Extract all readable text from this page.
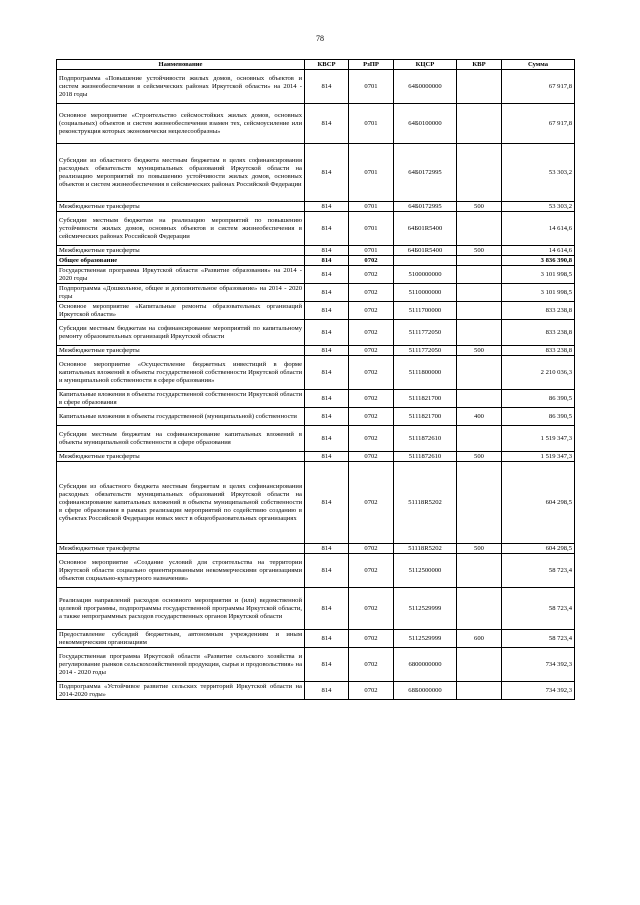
78
Наименование	КВСР	РзПР	КЦСР	КВР	Сумма
Подпрограмма «Повышение устойчивости жилых домов, основных объектов и систем жизнеобеспечения в сейсмических районах Иркутской области» на 2014 - 2018 годы	814	0701	64Б0000000		67 917,8
Основное мероприятие «Строительство сейсмостойких жилых домов, основных (социальных) объектов и систем жизнеобеспечения взамен тех, сейсмоусиление или реконструкция которых экономически нецелесообразны»	814	0701	64Б0100000		67 917,8
Субсидии из областного бюджета местным бюджетам в целях софинансирования расходных обязательств муниципальных образований Иркутской области на реализацию мероприятий по повышению устойчивости жилых домов, основных объектов и систем жизнеобеспечения в сейсмических районах Российской Федерации	814	0701	64Б0172995		53 303,2
Межбюджетные трансферты	814	0701	64Б0172995	500	53 303,2
Субсидии местным бюджетам на реализацию мероприятий по повышению устойчивости жилых домов, основных объектов и систем жизнеобеспечения в сейсмических районах Российской Федерации	814	0701	64Б01R5400		14 614,6
Межбюджетные трансферты	814	0701	64Б01R5400	500	14 614,6
Общее образование	814	0702			3 836 390,8
Государственная программа Иркутской области «Развитие образования» на 2014 - 2020 годы	814	0702	5100000000		3 101 998,5
Подпрограмма «Дошкольное, общее и дополнительное образование» на 2014 - 2020 годы	814	0702	5110000000		3 101 998,5
Основное мероприятие «Капитальные ремонты образовательных организаций Иркутской области»	814	0702	5111700000		833 238,8
Субсидии местным бюджетам на софинансирование мероприятий по капитальному ремонту образовательных организаций Иркутской области	814	0702	5111772050		833 238,8
Межбюджетные трансферты	814	0702	5111772050	500	833 238,8
Основное мероприятие «Осуществление бюджетных инвестиций в форме капитальных вложений в объекты государственной собственности Иркутской области и муниципальной собственности в сфере образования»	814	0702	5111800000		2 210 036,3
Капитальные вложения в объекты государственной собственности Иркутской области в сфере образования	814	0702	5111821700		86 390,5
Капитальные вложения в объекты государственной (муниципальной) собственности	814	0702	5111821700	400	86 390,5
Субсидии местным бюджетам на софинансирование капитальных вложений в объекты муниципальной собственности в сфере образования	814	0702	5111872610		1 519 347,3
Межбюджетные трансферты	814	0702	5111872610	500	1 519 347,3
Субсидии из областного бюджета местным бюджетам в целях софинансирования расходных обязательств муниципальных образований Иркутской области на софинансирование капитальных вложений в объекты муниципальной собственности в сфере образования в рамках реализации мероприятий по содействию созданию в субъектах Российской Федерации новых мест в общеобразовательных организациях	814	0702	51118R5202		604 298,5
Межбюджетные трансферты	814	0702	51118R5202	500	604 298,5
Основное мероприятие «Создание условий для строительства на территории Иркутской области социально ориентированными некоммерческими организациями объектов социально-культурного назначения»	814	0702	5112500000		58 723,4
Реализация направлений расходов основного мероприятия и (или) ведомственной целевой программы, подпрограммы государственной программы Иркутской области, а также непрограммных расходов государственных органов Иркутской области	814	0702	5112529999		58 723,4
Предоставление субсидий бюджетным, автономным учреждениям и иным некоммерческим организациям	814	0702	5112529999	600	58 723,4
Государственная программа Иркутской области «Развитие сельского хозяйства и регулирование рынков сельскохозяйственной продукции, сырья и продовольствия» на 2014 - 2020 годы	814	0702	6800000000		734 392,3
Подпрограмма «Устойчивое развитие сельских территорий Иркутской области на 2014-2020 годы»	814	0702	68Б0000000		734 392,3
